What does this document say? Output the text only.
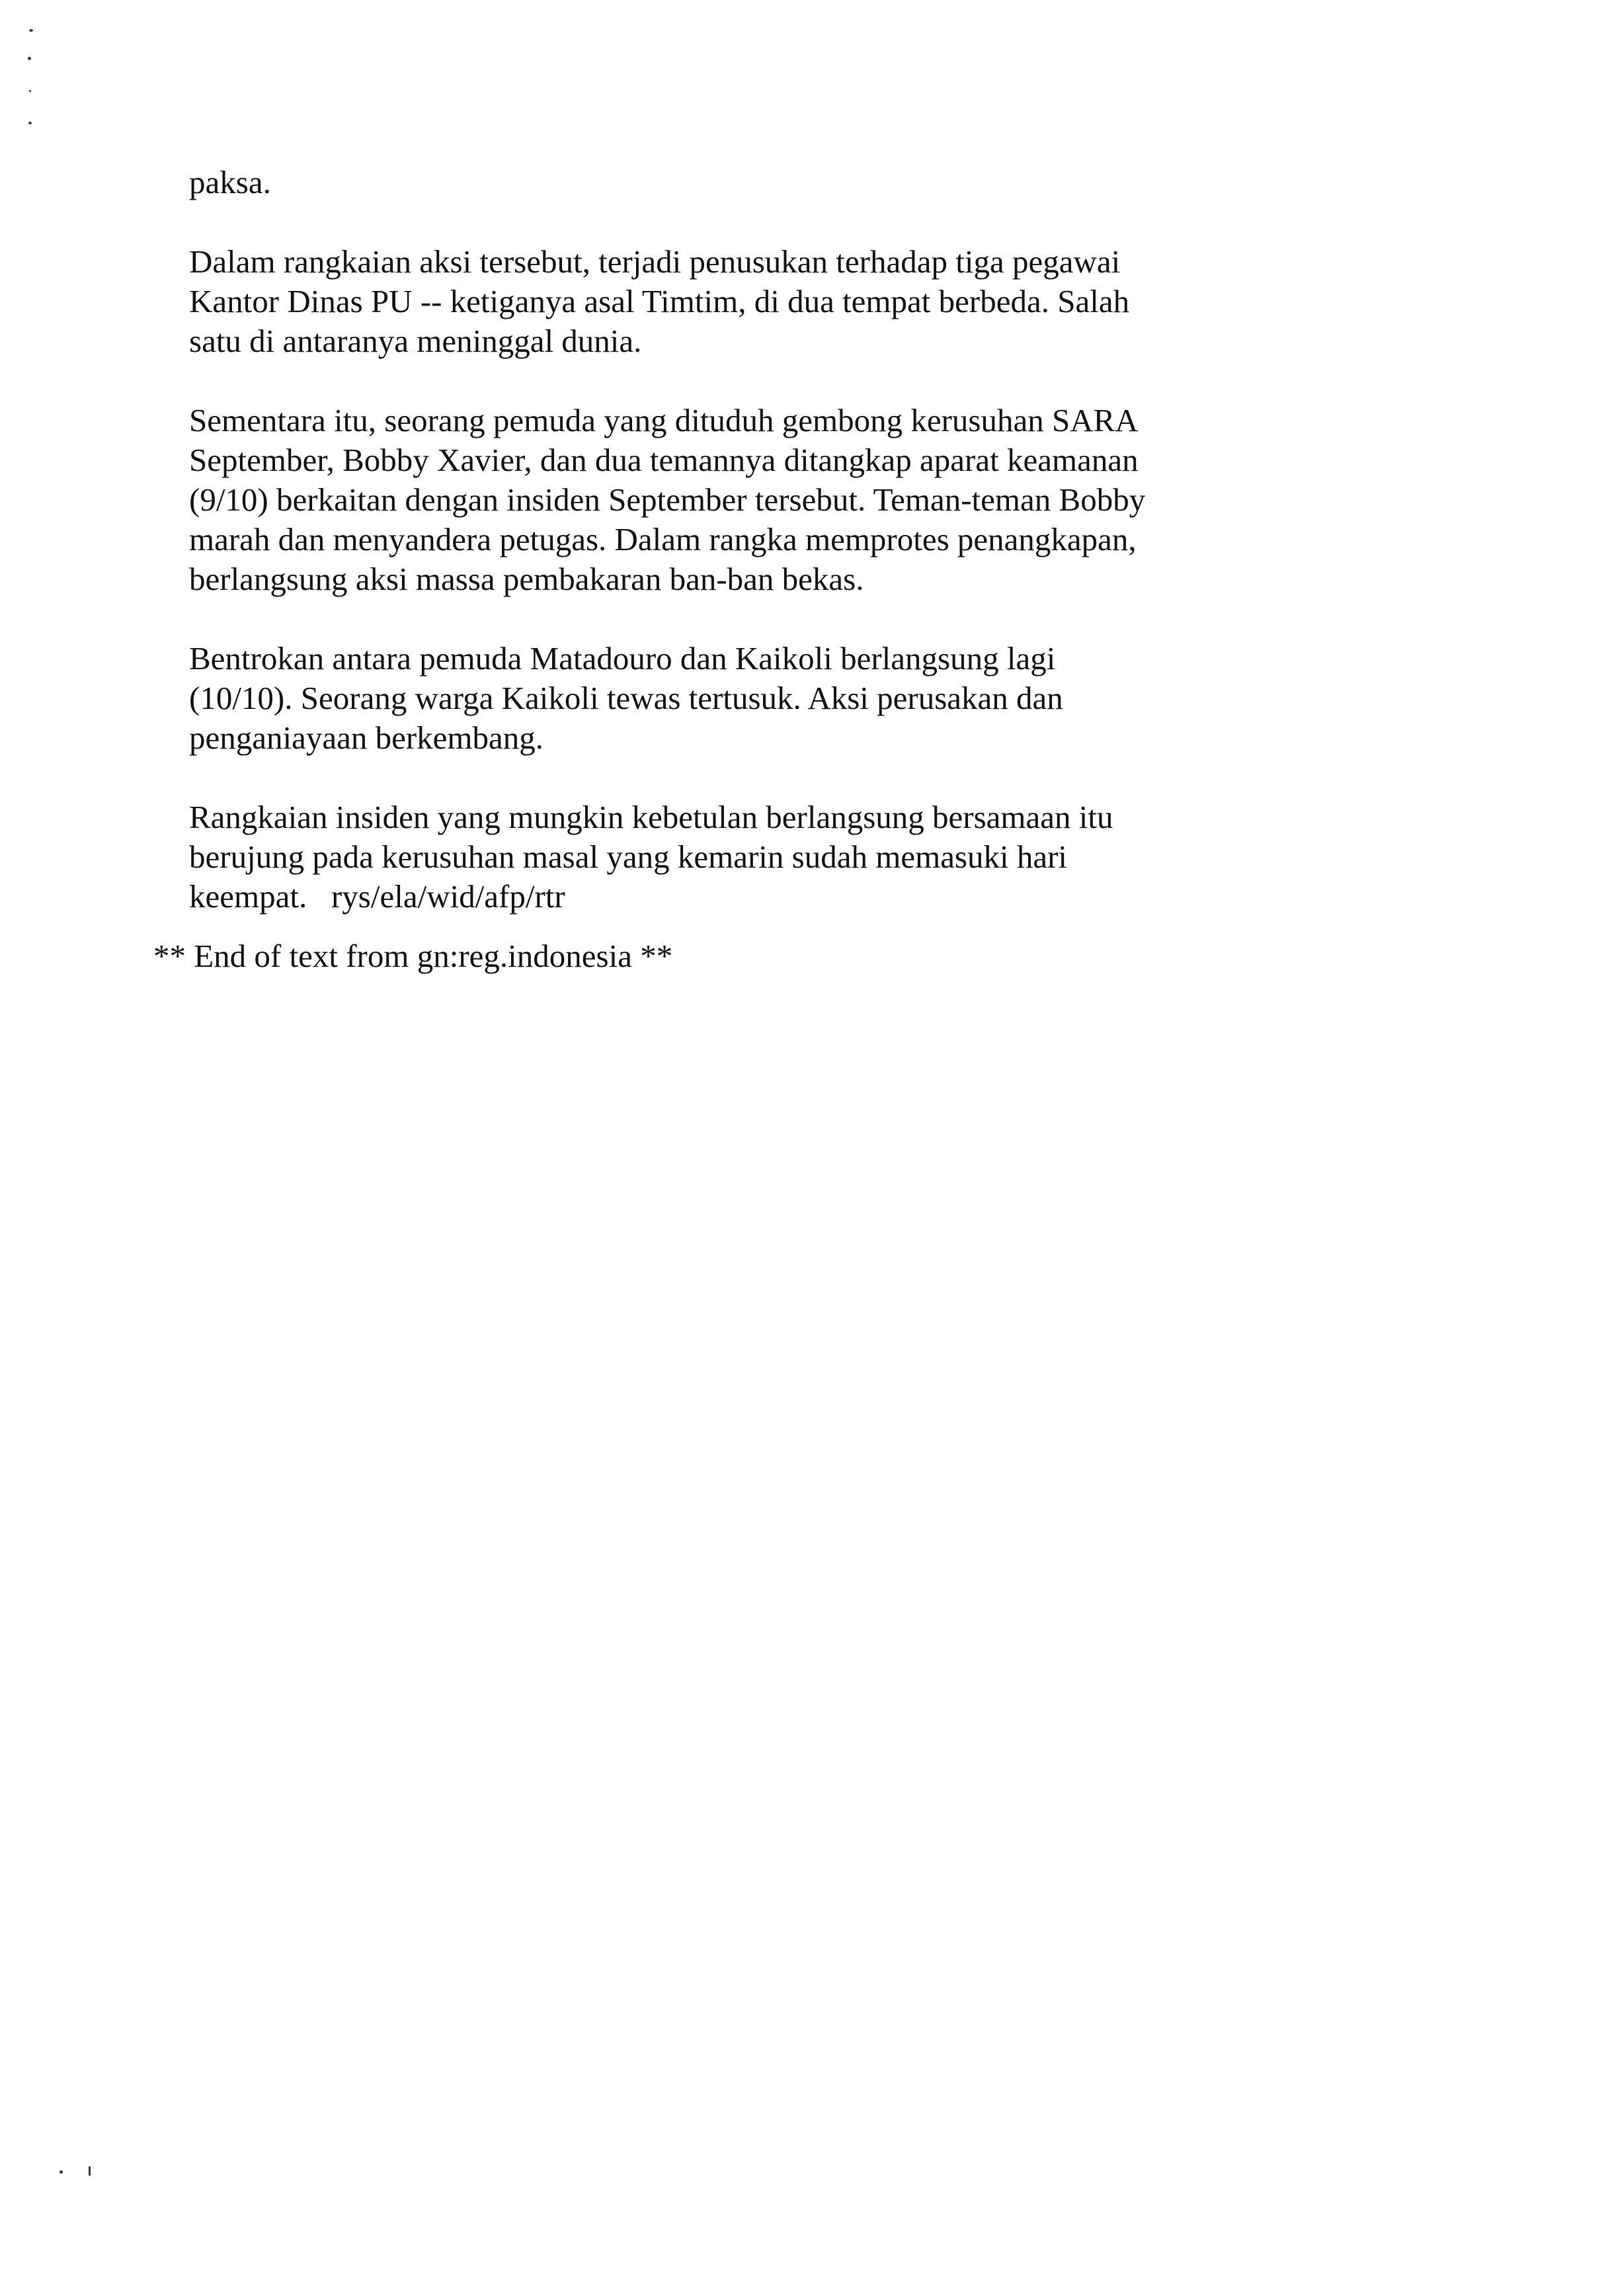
paksa.

Dalam rangkaian aksi tersebut, terjadi penusukan terhadap tiga pegawai
Kantor Dinas PU -- ketiganya asal Timtim, di dua tempat berbeda. Salah
satu di antaranya meninggal dunia.

Sementara itu, seorang pemuda yang dituduh gembong kerusuhan SARA
September, Bobby Xavier, dan dua temannya ditangkap aparat keamanan
(9/10) berkaitan dengan insiden September tersebut. Teman-teman Bobby
marah dan menyandera petugas. Dalam rangka memprotes penangkapan,
berlangsung aksi massa pembakaran ban-ban bekas.

Bentrokan antara pemuda Matadouro dan Kaikoli berlangsung lagi
(10/10). Seorang warga Kaikoli tewas tertusuk. Aksi perusakan dan
penganiayaan berkembang.

Rangkaian insiden yang mungkin kebetulan berlangsung bersamaan itu
berujung pada kerusuhan masal yang kemarin sudah memasuki hari
keempat.   rys/ela/wid/afp/rtr

** End of text from gn:reg.indonesia **
